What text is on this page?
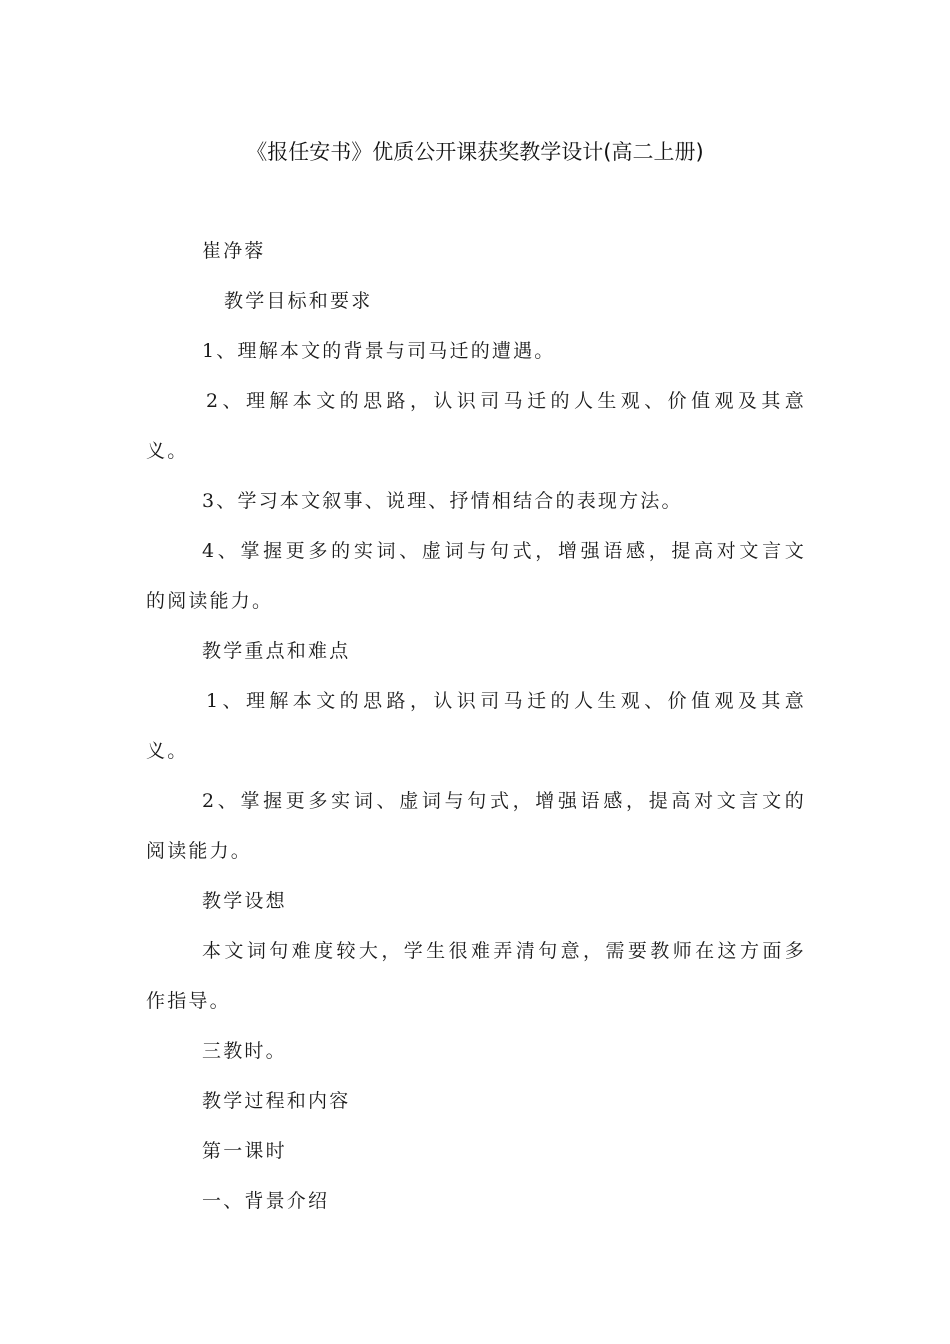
《报任安书》优质公开课获奖教学设计(高二上册)
崔净蓉
教学目标和要求
1、理解本文的背景与司马迁的遭遇。
2、理解本文的思路，认识司马迁的人生观、价值观及其意
义。
3、学习本文叙事、说理、抒情相结合的表现方法。
4、掌握更多的实词、虚词与句式，增强语感，提高对文言文
的阅读能力。
教学重点和难点
1、理解本文的思路，认识司马迁的人生观、价值观及其意
义。
2、掌握更多实词、虚词与句式，增强语感，提高对文言文的
阅读能力。
教学设想
本文词句难度较大，学生很难弄清句意，需要教师在这方面多
作指导。
三教时。
教学过程和内容
第一课时
一、背景介绍
